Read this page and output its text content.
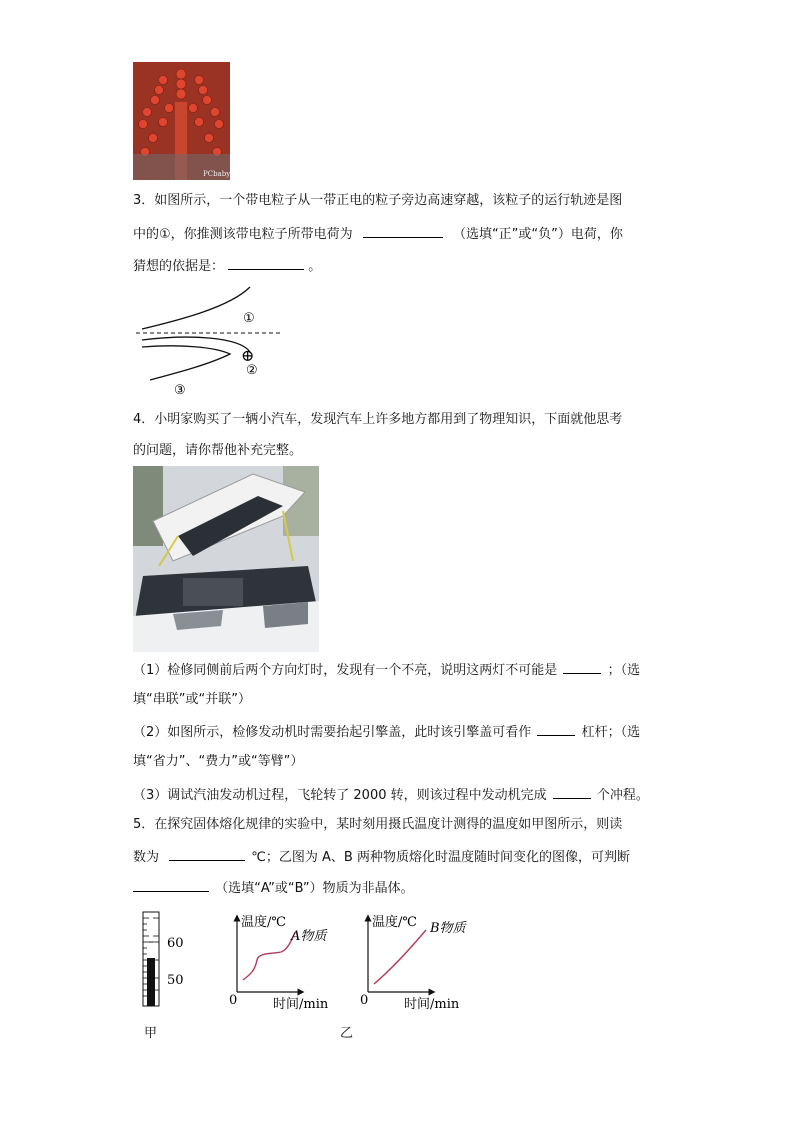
PCbaby
3．如图所示，一个带电粒子从一带正电的粒子旁边高速穿越，该粒子的运行轨迹是图
中的①，你推测该带电粒子所带电荷为	（选填“正”或“负”）电荷，你
猜想的依据是：	。
⊕
①
②
③
4．小明家购买了一辆小汽车，发现汽车上许多地方都用到了物理知识，下面就他思考
的问题，请你帮他补充完整。
（1）检修同侧前后两个方向灯时，发现有一个不亮，说明这两灯不可能是	；（选
填“串联”或“并联”）
（2）如图所示，检修发动机时需要抬起引擎盖，此时该引擎盖可看作	杠杆；（选
填“省力”、“费力”或“等臂”）
（3）调试汽油发动机过程，飞轮转了 2000 转，则该过程中发动机完成	个冲程。
5．在探究固体熔化规律的实验中，某时刻用摄氏温度计测得的温度如甲图所示，则读
数为	℃；乙图为 A、B 两种物质熔化时温度随时间变化的图像，可判断
（选填“A”或“B”）物质为非晶体。
60
50
甲
温度/℃
A物质
0	时间/min
温度/℃ B物质
0	时间/min
乙
